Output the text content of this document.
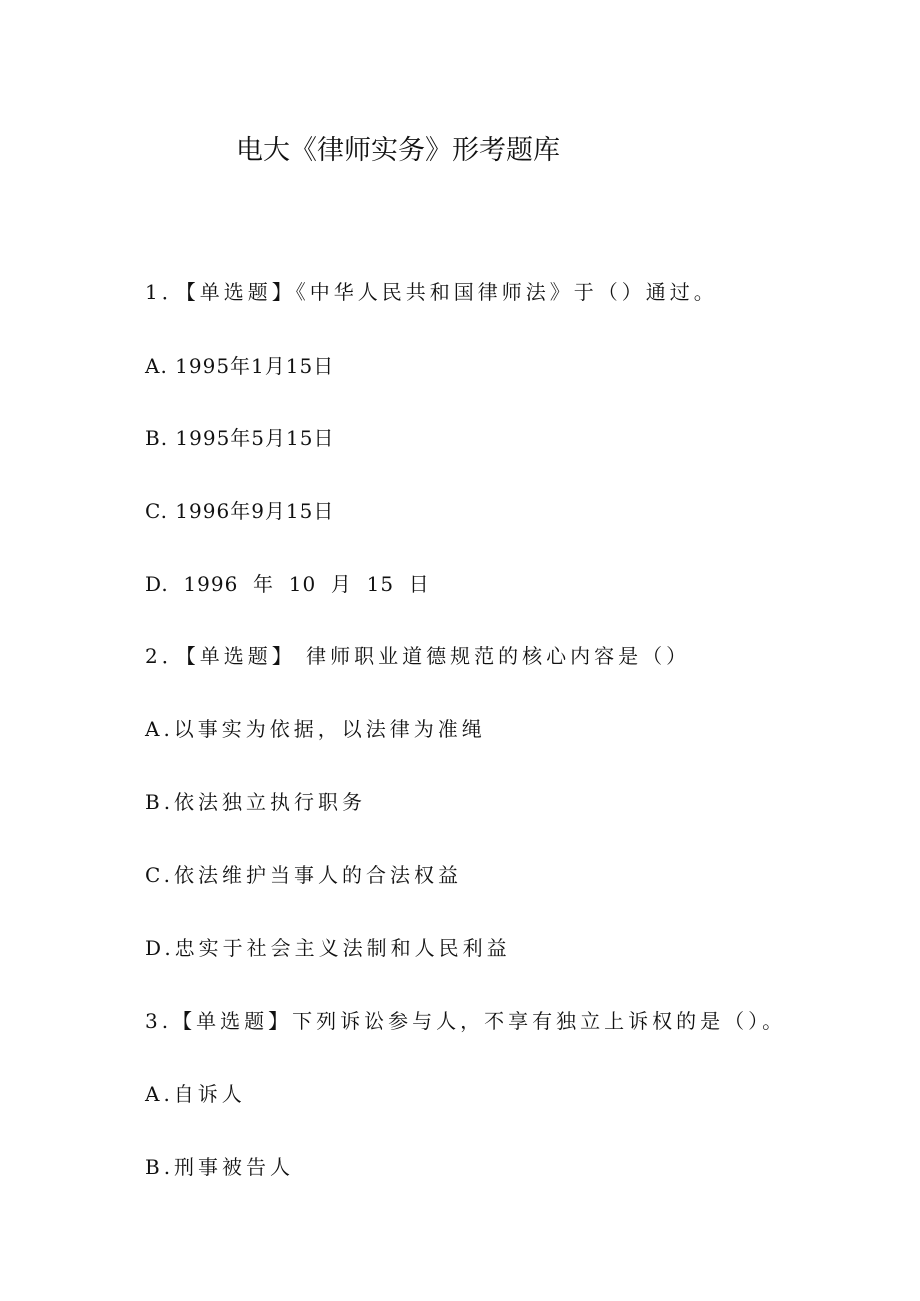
电大《律师实务》形考题库
1．【单选题】《中华人民共和国律师法》于（）通过。
A. 1995年1月15日
B. 1995年5月15日
C. 1996年9月15日
D.  1996  年  10  月  15  日
2．【单选题】 律师职业道德规范的核心内容是（）
A.以事实为依据，以法律为准绳
B.依法独立执行职务
C.依法维护当事人的合法权益
D.忠实于社会主义法制和人民利益
3.【单选题】下列诉讼参与人，不享有独立上诉权的是（）。
A.自诉人
B.刑事被告人
